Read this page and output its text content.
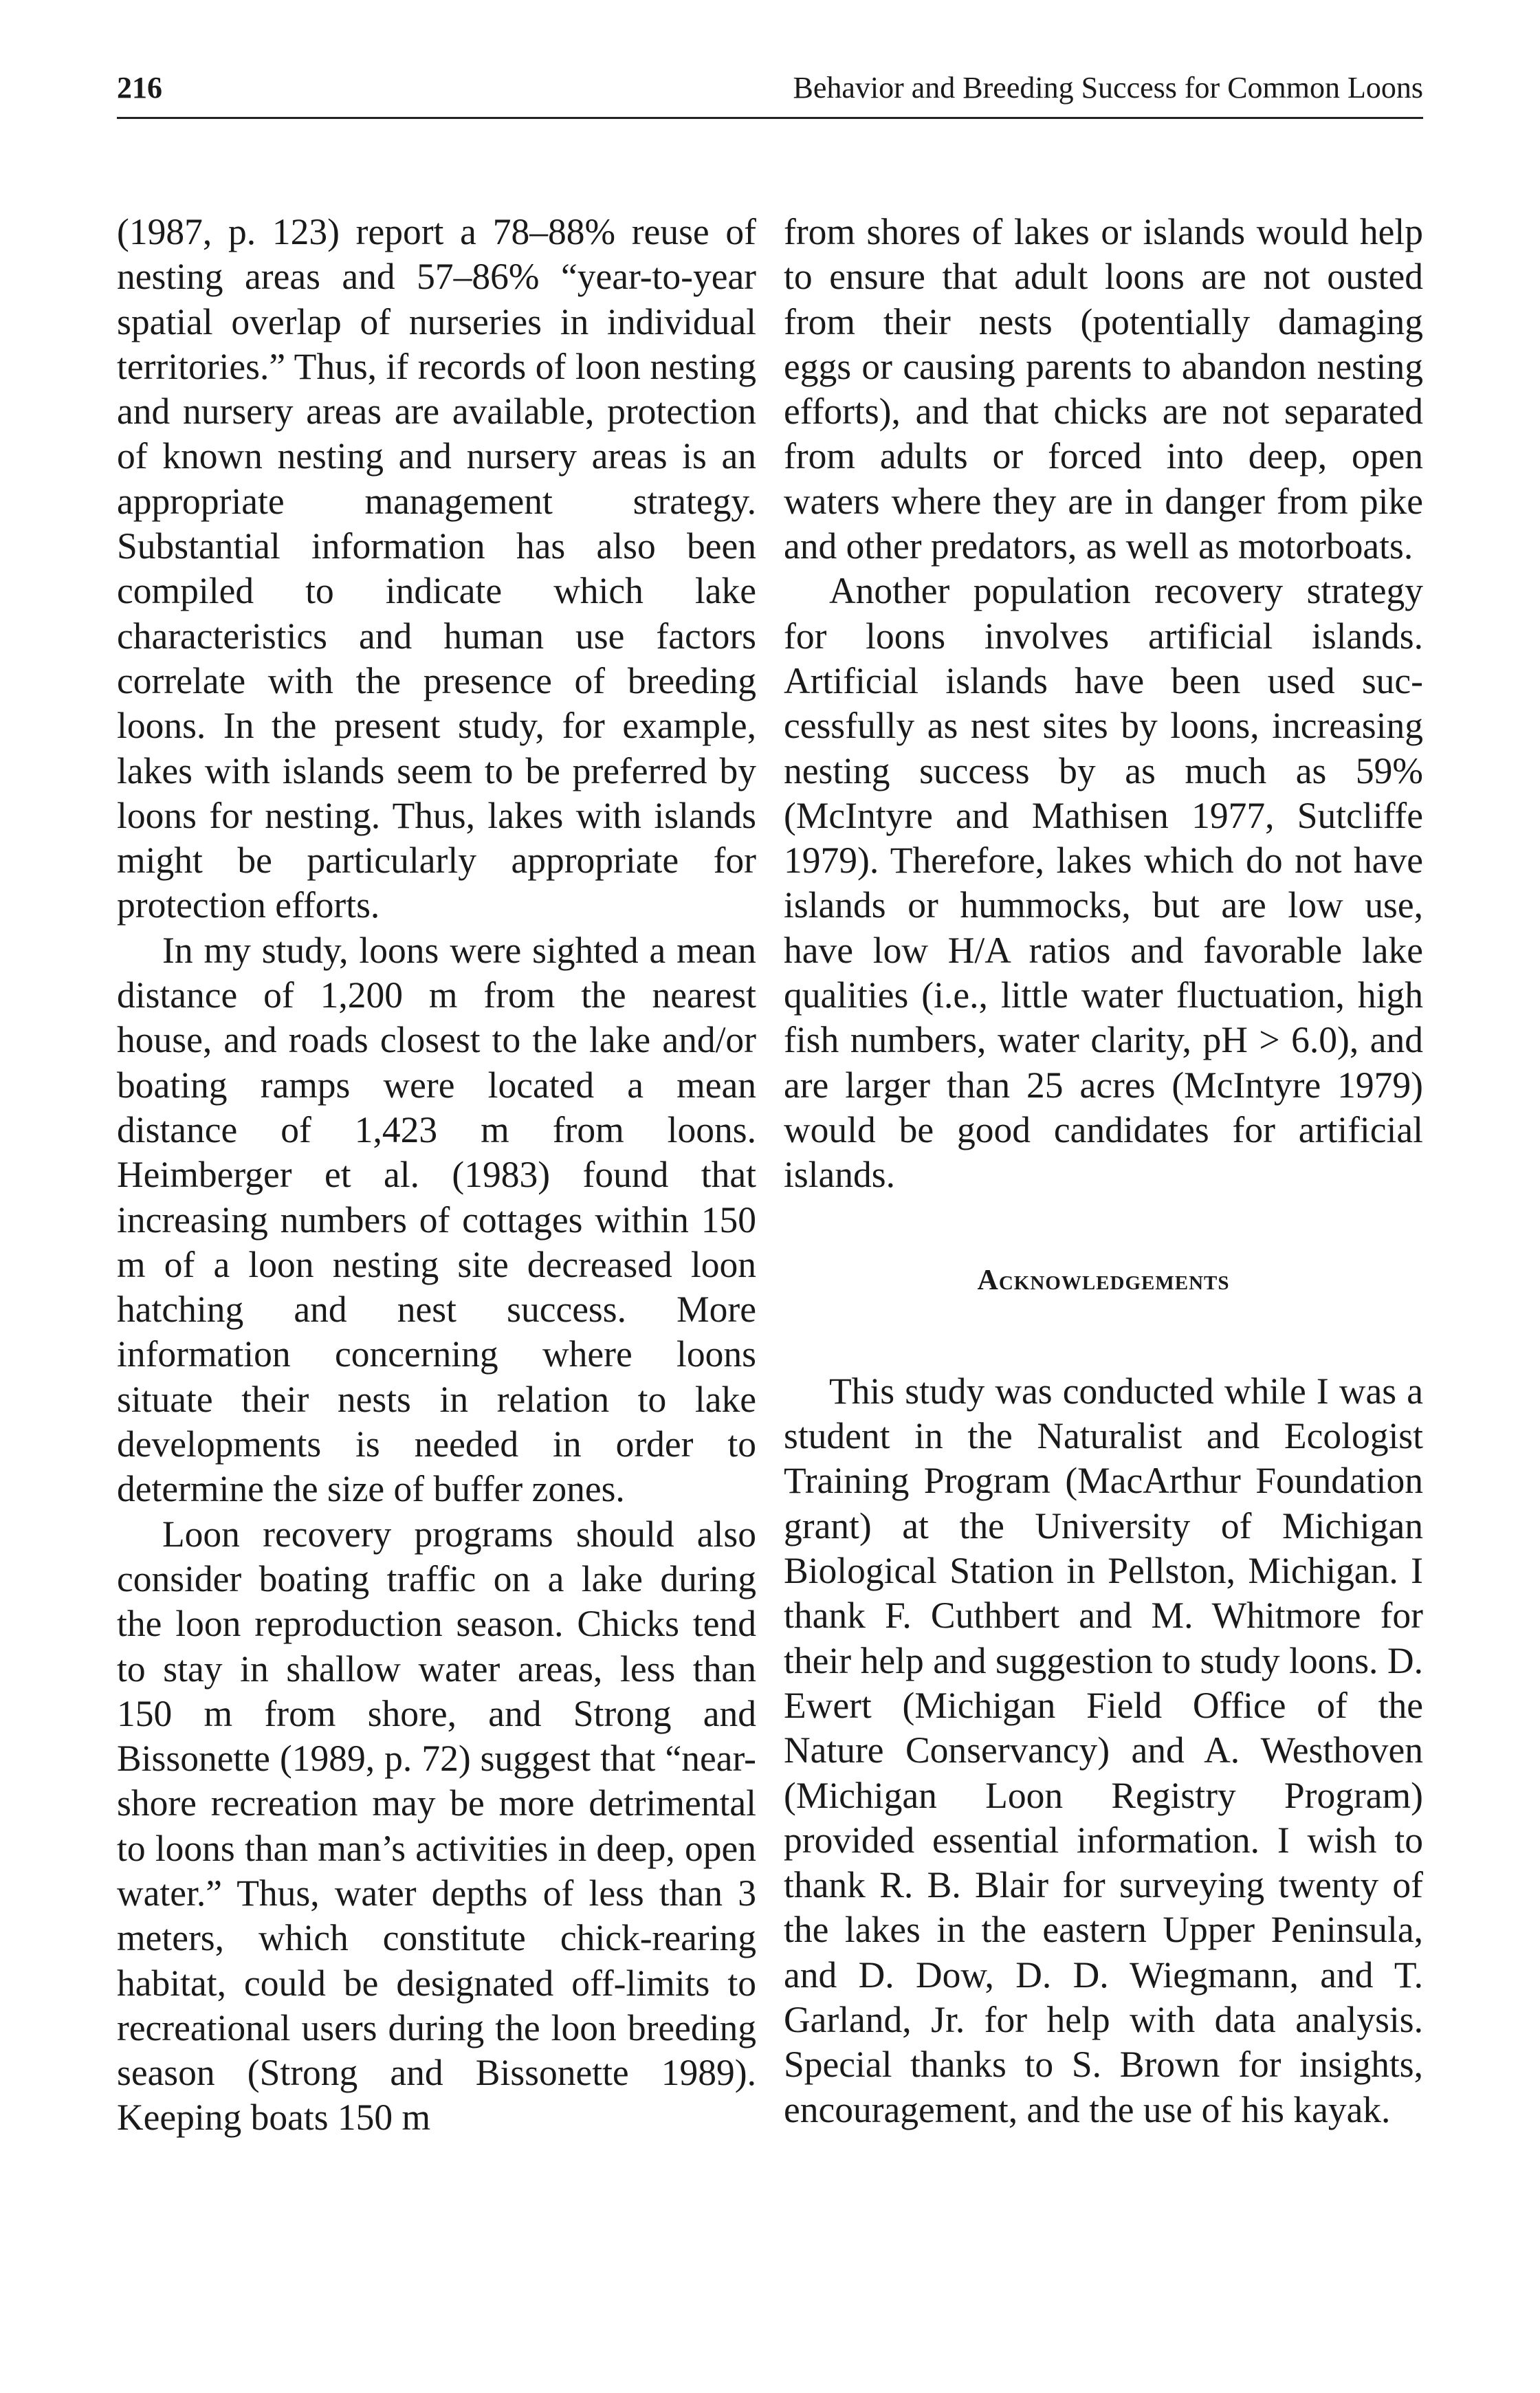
216	Behavior and Breeding Success for Common Loons

(1987, p. 123) report a 78–88% reuse of nesting areas and 57–86% “year-to-year spatial overlap of nurseries in individual territories.” Thus, if records of loon nesting and nursery areas are available, protection of known nesting and nursery areas is an appropriate management strategy. Substantial information has also been compiled to indicate which lake characteristics and human use factors correlate with the presence of breeding loons. In the present study, for example, lakes with islands seem to be preferred by loons for nesting. Thus, lakes with islands might be particularly appropriate for protection efforts.

In my study, loons were sighted a mean distance of 1,200 m from the nearest house, and roads closest to the lake and/or boating ramps were located a mean distance of 1,423 m from loons. Heimberger et al. (1983) found that increasing numbers of cottages within 150 m of a loon nesting site decreased loon hatching and nest success. More information concerning where loons situate their nests in relation to lake developments is needed in order to determine the size of buffer zones.

Loon recovery programs should also consider boating traffic on a lake during the loon reproduction season. Chicks tend to stay in shallow water areas, less than 150 m from shore, and Strong and Bissonette (1989, p. 72) suggest that “near-shore recreation may be more detrimental to loons than man’s activities in deep, open water.” Thus, water depths of less than 3 meters, which constitute chick-rearing habitat, could be designated off-limits to recreational users during the loon breeding season (Strong and Bissonette 1989). Keeping boats 150 m

from shores of lakes or islands would help to ensure that adult loons are not ousted from their nests (potentially damaging eggs or causing parents to abandon nesting efforts), and that chicks are not separated from adults or forced into deep, open waters where they are in danger from pike and other predators, as well as motorboats.

Another population recovery strategy for loons involves artificial islands. Artificial islands have been used successfully as nest sites by loons, increasing nesting success by as much as 59% (McIntyre and Mathisen 1977, Sutcliffe 1979). Therefore, lakes which do not have islands or hummocks, but are low use, have low H/A ratios and favorable lake qualities (i.e., little water fluctuation, high fish numbers, water clarity, pH > 6.0), and are larger than 25 acres (McIntyre 1979) would be good candidates for artificial islands.

Acknowledgements

This study was conducted while I was a student in the Naturalist and Ecologist Training Program (MacArthur Foundation grant) at the University of Michigan Biological Station in Pellston, Michigan. I thank F. Cuthbert and M. Whitmore for their help and suggestion to study loons. D. Ewert (Michigan Field Office of the Nature Conservancy) and A. Westhoven (Michigan Loon Registry Program) provided essential information. I wish to thank R. B. Blair for surveying twenty of the lakes in the eastern Upper Peninsula, and D. Dow, D. D. Wiegmann, and T. Garland, Jr. for help with data analysis. Special thanks to S. Brown for insights, encouragement, and the use of his kayak.
